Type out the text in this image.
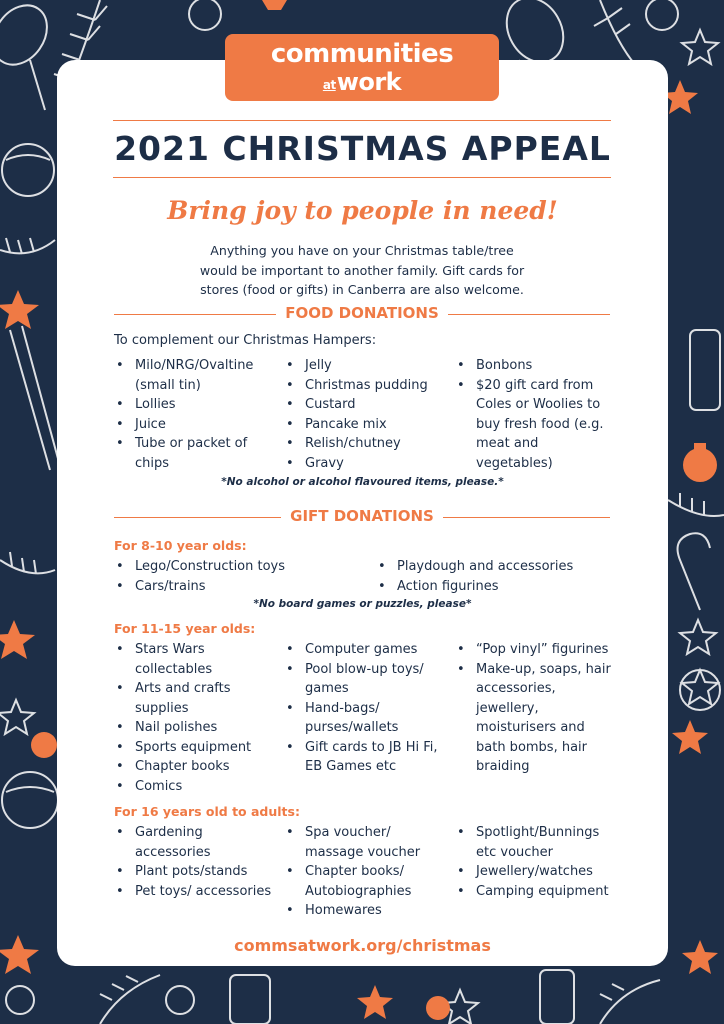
communities
atwork
2021 CHRISTMAS APPEAL
Bring joy to people in need!
Anything you have on your Christmas table/tree
would be important to another family. Gift cards for
stores (food or gifts) in Canberra are also welcome.
FOOD DONATIONS
To complement our Christmas Hampers:
• Milo/NRG/Ovaltine (small tin)
• Lollies
• Juice
• Tube or packet of chips
• Jelly
• Christmas pudding
• Custard
• Pancake mix
• Relish/chutney
• Gravy
• Bonbons
• $20 gift card from Coles or Woolies to buy fresh food (e.g. meat and vegetables)
*No alcohol or alcohol flavoured items, please.*
GIFT DONATIONS
For 8-10 year olds:
• Lego/Construction toys
• Cars/trains
• Playdough and accessories
• Action figurines
*No board games or puzzles, please*
For 11-15 year olds:
• Stars Wars collectables
• Arts and crafts supplies
• Nail polishes
• Sports equipment
• Chapter books
• Comics
• Computer games
• Pool blow-up toys/ games
• Hand-bags/ purses/wallets
• Gift cards to JB Hi Fi, EB Games etc
• “Pop vinyl” figurines
• Make-up, soaps, hair accessories, jewellery, moisturisers and bath bombs, hair braiding
For 16 years old to adults:
• Gardening accessories
• Plant pots/stands
• Pet toys/ accessories
• Spa voucher/ massage voucher
• Chapter books/ Autobiographies
• Homewares
• Spotlight/Bunnings etc voucher
• Jewellery/watches
• Camping equipment
commsatwork.org/christmas
